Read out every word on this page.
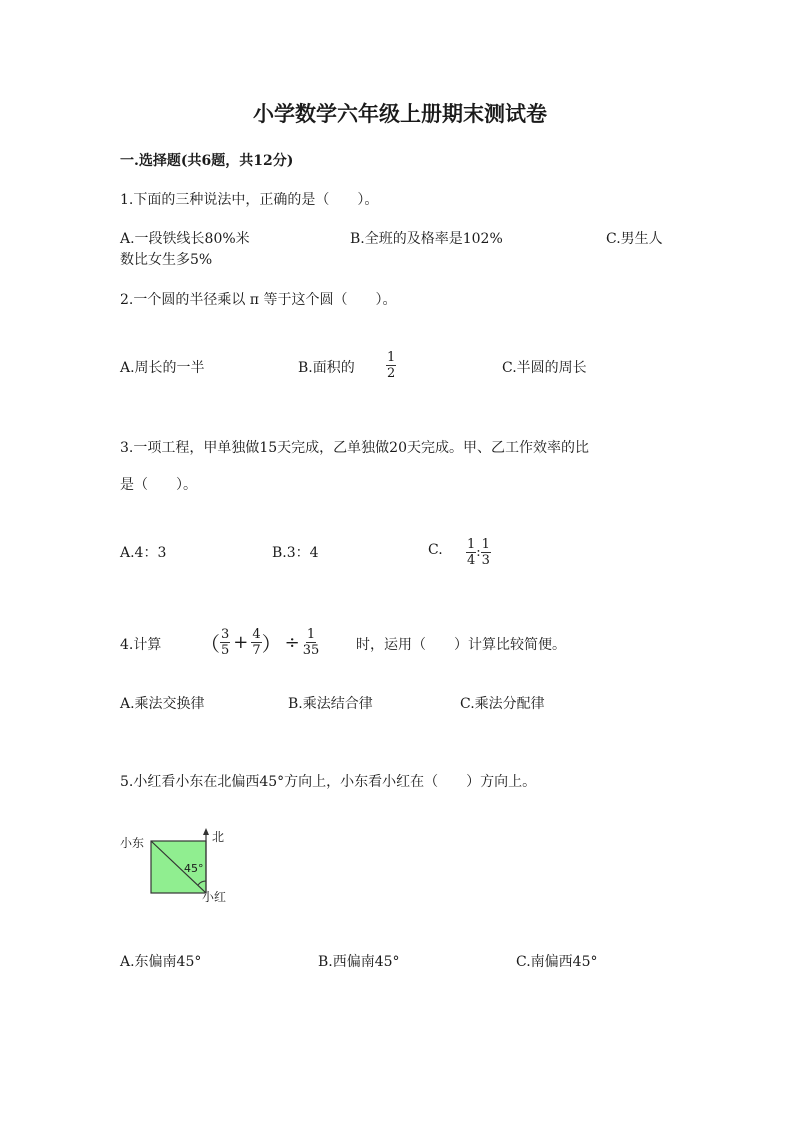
小学数学六年级上册期末测试卷
一.选择题(共6题，共12分)
1.下面的三种说法中，正确的是（　　）。
A.一段铁线长80%米	B.全班的及格率是102%	C.男生人
数比女生多5%
2.一个圆的半径乘以 π 等于这个圆（　　）。
A.周长的一半	B.面积的 $\frac{1}{2}$	C.半圆的周长
3.一项工程，甲单独做15天完成，乙单独做20天完成。甲、乙工作效率的比
是（　　）。
A.4：3	B.3：4	C. $\frac{1}{4}$ : $\frac{1}{3}$
4.计算 （ $\frac{3}{5} + \frac{4}{7}$ ） ÷ $\frac{1}{35}$	时，运用（　　）计算比较简便。
A.乘法交换律	B.乘法结合律	C.乘法分配律
5.小红看小东在北偏西45°方向上，小东看小红在（　　）方向上。
小东	北
45°
小红
A.东偏南45°	B.西偏南45°	C.南偏西45°
